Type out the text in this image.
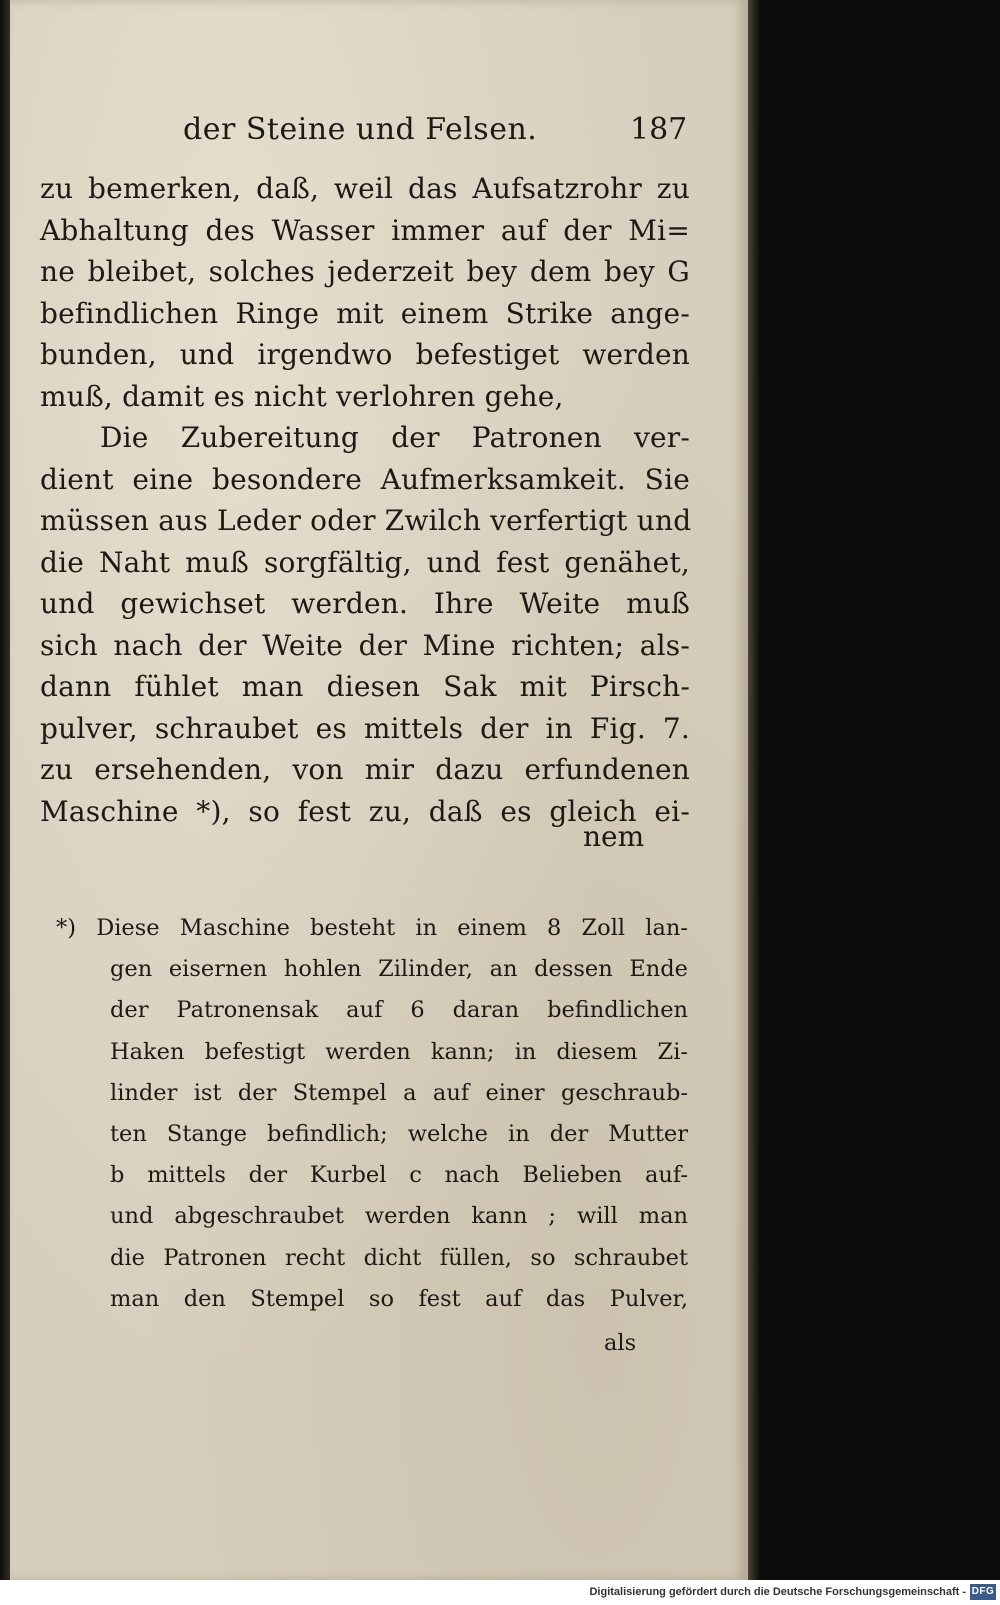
der Steine und Felsen.	187
zu bemerken, daß, weil das Aufsatzrohr zu
Abhaltung des Wasser immer auf der Mi=
ne bleibet, solches jederzeit bey dem bey G
befindlichen Ringe mit einem Strike ange-
bunden, und irgendwo befestiget werden
muß, damit es nicht verlohren gehe,
Die Zubereitung der Patronen ver-
dient eine besondere Aufmerksamkeit. Sie
müssen aus Leder oder Zwilch verfertigt und
die Naht muß sorgfältig, und fest genähet,
und gewichset werden. Ihre Weite muß
sich nach der Weite der Mine richten; als-
dann fühlet man diesen Sak mit Pirsch-
pulver, schraubet es mittels der in Fig. 7.
zu ersehenden, von mir dazu erfundenen
Maschine *), so fest zu, daß es gleich ei-
nem
*) Diese Maschine besteht in einem 8 Zoll lan-
gen eisernen hohlen Zilinder, an dessen Ende
der Patronensak auf 6 daran befindlichen
Haken befestigt werden kann; in diesem Zi-
linder ist der Stempel a auf einer geschraub-
ten Stange befindlich; welche in der Mutter
b mittels der Kurbel c nach Belieben auf-
und abgeschraubet werden kann ; will man
die Patronen recht dicht füllen, so schraubet
man den Stempel so fest auf das Pulver,
als
Digitalisierung gefördert durch die Deutsche Forschungsgemeinschaft - DFG
